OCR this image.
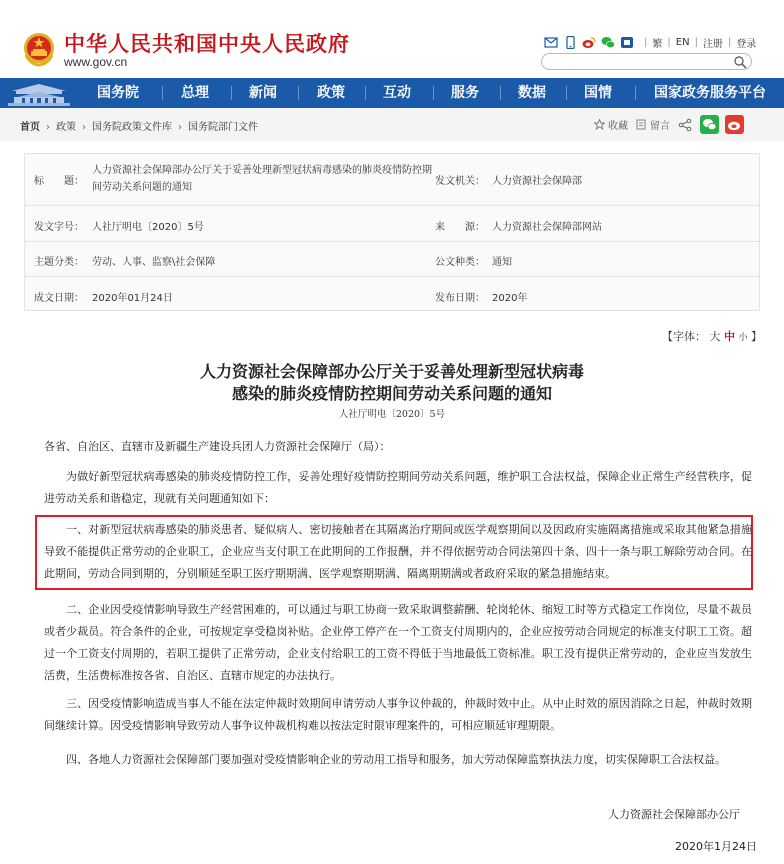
中华人民共和国中央人民政府
www.gov.cn
| 繁 | EN | 注册 | 登录
国务院	总理	新闻	政策	互动	服务	数据	国情	国家政务服务平台
首页 › 政策 › 国务院政策文件库 › 国务院部门文件	收藏 留言
标　　题：
人力资源社会保障部办公厅关于妥善处理新型冠状病毒感染的肺炎疫情防控期间劳动关系问题的通知
发文机关： 人力资源社会保障部
发文字号： 人社厅明电〔2020〕5号	来　　源： 人力资源社会保障部网站
主题分类： 劳动、人事、监察\社会保障	公文种类： 通知
成文日期： 2020年01月24日	发布日期： 2020年
【字体： 大 中 小 】
人力资源社会保障部办公厅关于妥善处理新型冠状病毒
感染的肺炎疫情防控期间劳动关系问题的通知
人社厅明电〔2020〕5号
各省、自治区、直辖市及新疆生产建设兵团人力资源社会保障厅（局）：
为做好新型冠状病毒感染的肺炎疫情防控工作，妥善处理好疫情防控期间劳动关系问题，维护职工合法权益，保障企业正常生产经营秩序，促进劳动关系和谐稳定，现就有关问题通知如下：
一、对新型冠状病毒感染的肺炎患者、疑似病人、密切接触者在其隔离治疗期间或医学观察期间以及因政府实施隔离措施或采取其他紧急措施导致不能提供正常劳动的企业职工，企业应当支付职工在此期间的工作报酬，并不得依据劳动合同法第四十条、四十一条与职工解除劳动合同。在此期间，劳动合同到期的，分别顺延至职工医疗期期满、医学观察期期满、隔离期期满或者政府采取的紧急措施结束。
二、企业因受疫情影响导致生产经营困难的，可以通过与职工协商一致采取调整薪酬、轮岗轮休、缩短工时等方式稳定工作岗位，尽量不裁员或者少裁员。符合条件的企业，可按规定享受稳岗补贴。企业停工停产在一个工资支付周期内的，企业应按劳动合同规定的标准支付职工工资。超过一个工资支付周期的，若职工提供了正常劳动，企业支付给职工的工资不得低于当地最低工资标准。职工没有提供正常劳动的，企业应当发放生活费，生活费标准按各省、自治区、直辖市规定的办法执行。
三、因受疫情影响造成当事人不能在法定仲裁时效期间申请劳动人事争议仲裁的，仲裁时效中止。从中止时效的原因消除之日起，仲裁时效期间继续计算。因受疫情影响导致劳动人事争议仲裁机构难以按法定时限审理案件的，可相应顺延审理期限。
四、各地人力资源社会保障部门要加强对受疫情影响企业的劳动用工指导和服务，加大劳动保障监察执法力度，切实保障职工合法权益。
人力资源社会保障部办公厅
2020年1月24日
